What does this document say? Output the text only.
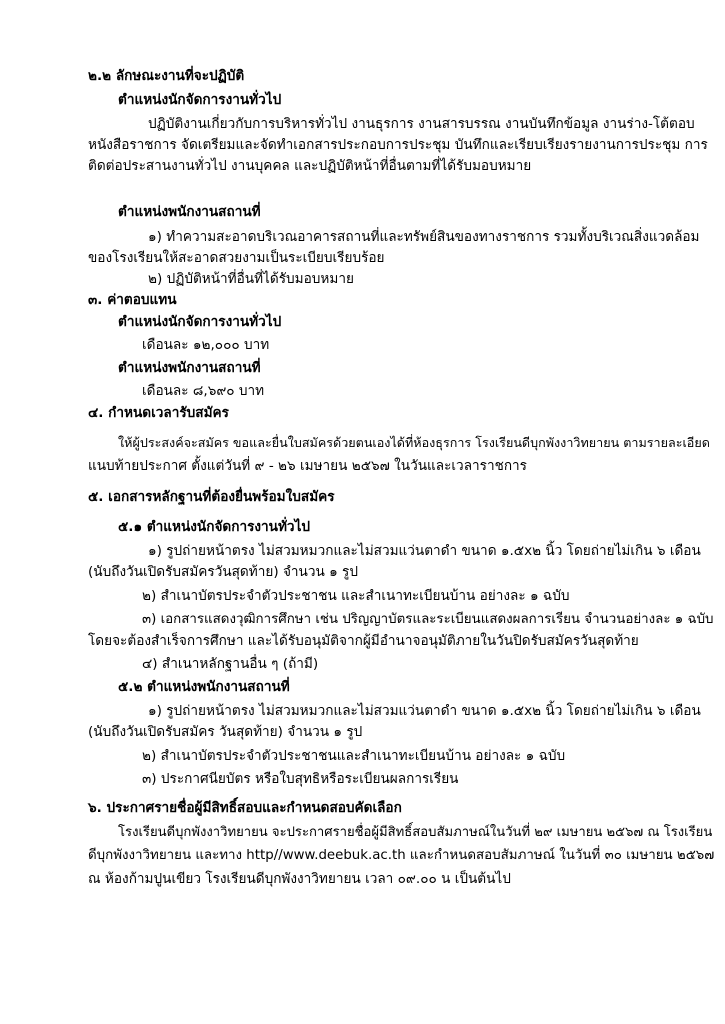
๒.๒ ลักษณะงานที่จะปฏิบัติ
ตำแหน่งนักจัดการงานทั่วไป
ปฏิบัติงานเกี่ยวกับการบริหารทั่วไป งานธุรการ งานสารบรรณ งานบันทึกข้อมูล งานร่าง-โต้ตอบ
หนังสือราชการ จัดเตรียมและจัดทำเอกสารประกอบการประชุม บันทึกและเรียบเรียงรายงานการประชุม การ
ติดต่อประสานงานทั่วไป งานบุคคล และปฏิบัติหน้าที่อื่นตามที่ได้รับมอบหมาย
ตำแหน่งพนักงานสถานที่
๑) ทำความสะอาดบริเวณอาคารสถานที่และทรัพย์สินของทางราชการ รวมทั้งบริเวณสิ่งแวดล้อม
ของโรงเรียนให้สะอาดสวยงามเป็นระเบียบเรียบร้อย
๒) ปฏิบัติหน้าที่อื่นที่ได้รับมอบหมาย
๓. ค่าตอบแทน
ตำแหน่งนักจัดการงานทั่วไป
เดือนละ ๑๒,๐๐๐ บาท
ตำแหน่งพนักงานสถานที่
เดือนละ ๘,๖๙๐ บาท
๔. กำหนดเวลารับสมัคร
ให้ผู้ประสงค์จะสมัคร ขอและยื่นใบสมัครด้วยตนเองได้ที่ห้องธุรการ โรงเรียนดีบุกพังงาวิทยายน ตามรายละเอียด
แนบท้ายประกาศ ตั้งแต่วันที่ ๙ - ๒๖ เมษายน ๒๕๖๗ ในวันและเวลาราชการ
๕. เอกสารหลักฐานที่ต้องยื่นพร้อมใบสมัคร
๕.๑ ตำแหน่งนักจัดการงานทั่วไป
๑) รูปถ่ายหน้าตรง ไม่สวมหมวกและไม่สวมแว่นตาดำ ขนาด ๑.๕x๒ นิ้ว โดยถ่ายไม่เกิน ๖ เดือน
(นับถึงวันเปิดรับสมัครวันสุดท้าย) จำนวน ๑ รูป
๒) สำเนาบัตรประจำตัวประชาชน และสำเนาทะเบียนบ้าน อย่างละ ๑ ฉบับ
๓) เอกสารแสดงวุฒิการศึกษา เช่น ปริญญาบัตรและระเบียนแสดงผลการเรียน จำนวนอย่างละ ๑ ฉบับ
โดยจะต้องสำเร็จการศึกษา และได้รับอนุมัติจากผู้มีอำนาจอนุมัติภายในวันปิดรับสมัครวันสุดท้าย
๔) สำเนาหลักฐานอื่น ๆ (ถ้ามี)
๕.๒ ตำแหน่งพนักงานสถานที่
๑) รูปถ่ายหน้าตรง ไม่สวมหมวกและไม่สวมแว่นตาดำ ขนาด ๑.๕x๒ นิ้ว โดยถ่ายไม่เกิน ๖ เดือน
(นับถึงวันเปิดรับสมัคร วันสุดท้าย) จำนวน ๑ รูป
๒) สำเนาบัตรประจำตัวประชาชนและสำเนาทะเบียนบ้าน อย่างละ ๑ ฉบับ
๓) ประกาศนียบัตร หรือใบสุทธิหรือระเบียนผลการเรียน
๖. ประกาศรายชื่อผู้มีสิทธิ์สอบและกำหนดสอบคัดเลือก
โรงเรียนดีบุกพังงาวิทยายน จะประกาศรายชื่อผู้มีสิทธิ์สอบสัมภาษณ์ในวันที่ ๒๙ เมษายน ๒๕๖๗ ณ โรงเรียน
ดีบุกพังงาวิทยายน และทาง http//www.deebuk.ac.th และกำหนดสอบสัมภาษณ์ ในวันที่ ๓๐ เมษายน ๒๕๖๗
ณ ห้องก้ามปูนเขียว โรงเรียนดีบุกพังงาวิทยายน เวลา ๐๙.๐๐ น เป็นต้นไป
